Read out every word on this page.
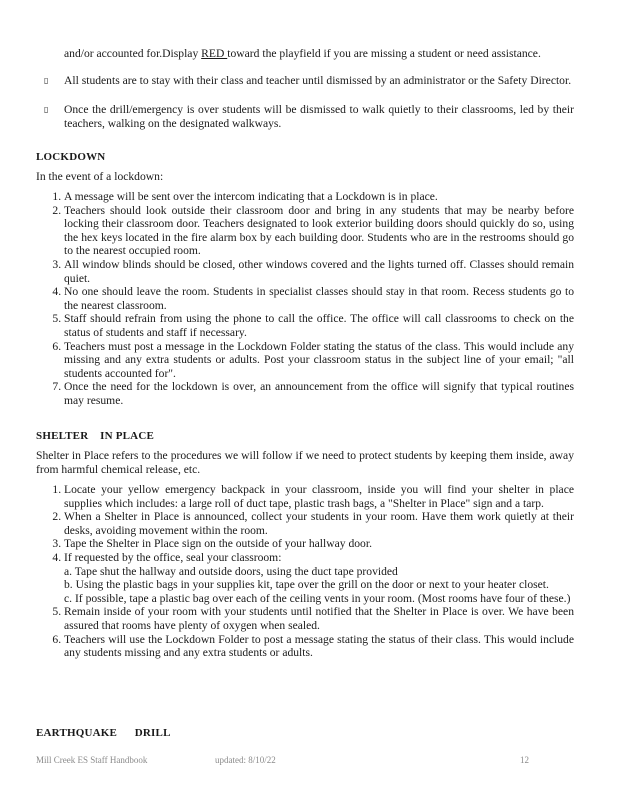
and/or accounted for.Display RED toward the playfield if you are missing a student or need assistance.
▯ All students are to stay with their class and teacher until dismissed by an administrator or the Safety Director.
▯ Once the drill/emergency is over students will be dismissed to walk quietly to their classrooms, led by their teachers, walking on the designated walkways.
LOCKDOWN
In the event of a lockdown:
1. A message will be sent over the intercom indicating that a Lockdown is in place.
2. Teachers should look outside their classroom door and bring in any students that may be nearby before locking their classroom door. Teachers designated to look exterior building doors should quickly do so, using the hex keys located in the fire alarm box by each building door. Students who are in the restrooms should go to the nearest occupied room.
3. All window blinds should be closed, other windows covered and the lights turned off. Classes should remain quiet.
4. No one should leave the room. Students in specialist classes should stay in that room. Recess students go to the nearest classroom.
5. Staff should refrain from using the phone to call the office. The office will call classrooms to check on the status of students and staff if necessary.
6. Teachers must post a message in the Lockdown Folder stating the status of the class. This would include any missing and any extra students or adults. Post your classroom status in the subject line of your email; "all students accounted for".
7. Once the need for the lockdown is over, an announcement from the office will signify that typical routines may resume.
SHELTER    IN PLACE
Shelter in Place refers to the procedures we will follow if we need to protect students by keeping them inside, away from harmful chemical release, etc.
1. Locate your yellow emergency backpack in your classroom, inside you will find your shelter in place supplies which includes: a large roll of duct tape, plastic trash bags, a "Shelter in Place" sign and a tarp.
2. When a Shelter in Place is announced, collect your students in your room. Have them work quietly at their desks, avoiding movement within the room.
3. Tape the Shelter in Place sign on the outside of your hallway door.
4. If requested by the office, seal your classroom:
a. Tape shut the hallway and outside doors, using the duct tape provided
b. Using the plastic bags in your supplies kit, tape over the grill on the door or next to your heater closet.
c. If possible, tape a plastic bag over each of the ceiling vents in your room. (Most rooms have four of these.)
5. Remain inside of your room with your students until notified that the Shelter in Place is over. We have been assured that rooms have plenty of oxygen when sealed.
6. Teachers will use the Lockdown Folder to post a message stating the status of their class. This would include any students missing and any extra students or adults.
EARTHQUAKE      DRILL
Mill Creek ES Staff Handbook	updated: 8/10/22	12
